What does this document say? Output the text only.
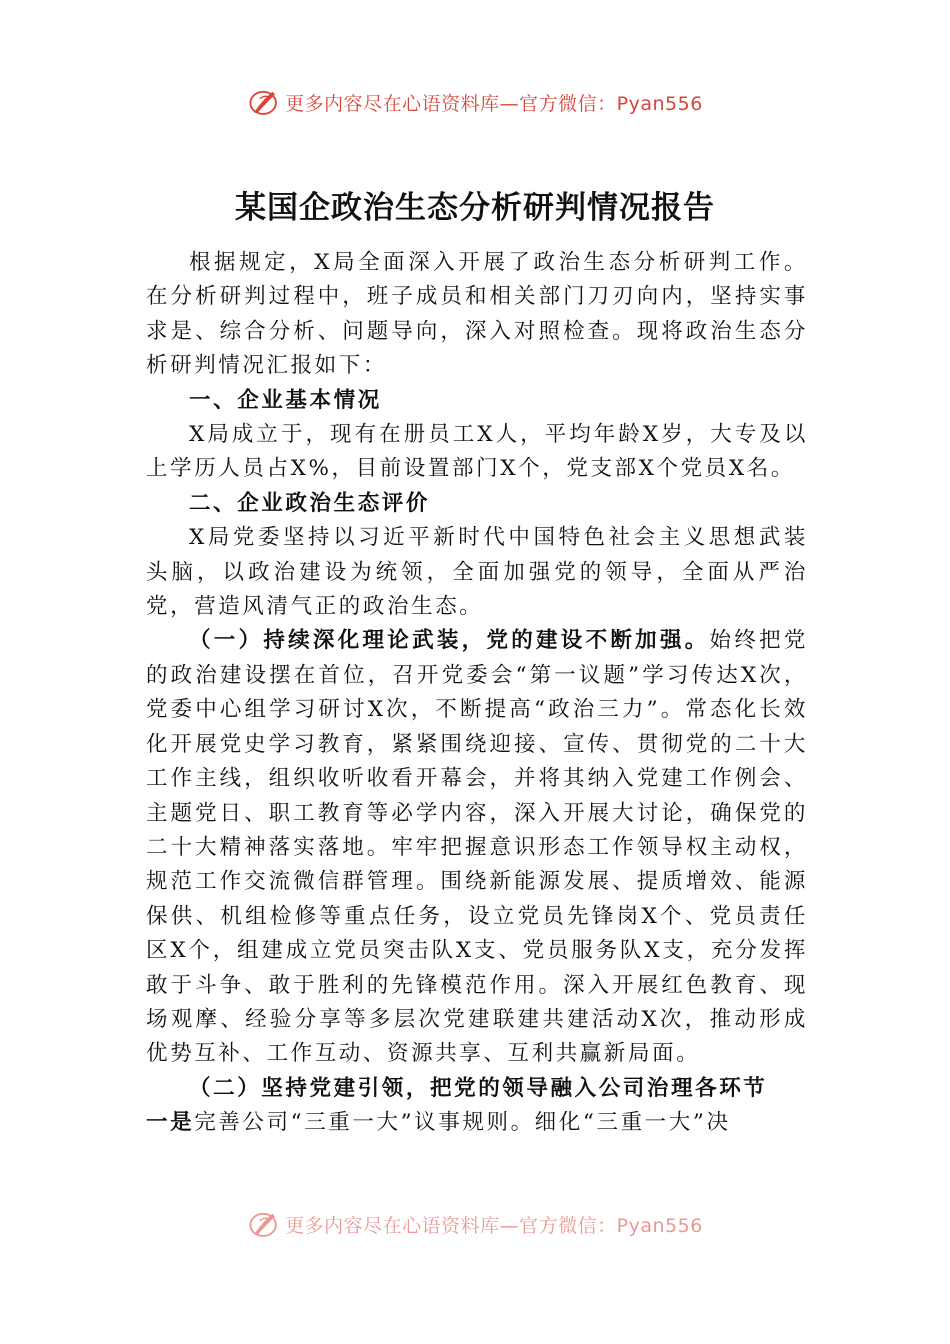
更多内容尽在心语资料库—官方微信：Pyan556
某国企政治生态分析研判情况报告

根据规定，X局全面深入开展了政治生态分析研判工作。在分析研判过程中，班子成员和相关部门刀刃向内，坚持实事求是、综合分析、问题导向，深入对照检查。现将政治生态分析研判情况汇报如下：

一、企业基本情况

X局成立于，现有在册员工X人，平均年龄X岁，大专及以上学历人员占X%，目前设置部门X个，党支部X个党员X名。

二、企业政治生态评价

X局党委坚持以习近平新时代中国特色社会主义思想武装头脑，以政治建设为统领，全面加强党的领导，全面从严治党，营造风清气正的政治生态。

（一）持续深化理论武装，党的建设不断加强。始终把党的政治建设摆在首位，召开党委会“第一议题”学习传达X次，党委中心组学习研讨X次，不断提高“政治三力”。常态化长效化开展党史学习教育，紧紧围绕迎接、宣传、贯彻党的二十大工作主线，组织收听收看开幕会，并将其纳入党建工作例会、主题党日、职工教育等必学内容，深入开展大讨论，确保党的二十大精神落实落地。牢牢把握意识形态工作领导权主动权，规范工作交流微信群管理。围绕新能源发展、提质增效、能源保供、机组检修等重点任务，设立党员先锋岗X个、党员责任区X个，组建成立党员突击队X支、党员服务队X支，充分发挥敢于斗争、敢于胜利的先锋模范作用。深入开展红色教育、现场观摩、经验分享等多层次党建联建共建活动X次，推动形成优势互补、工作互动、资源共享、互利共赢新局面。

（二）坚持党建引领，把党的领导融入公司治理各环节

一是完善公司“三重一大”议事规则。细化“三重一大”决

更多内容尽在心语资料库—官方微信：Pyan556
